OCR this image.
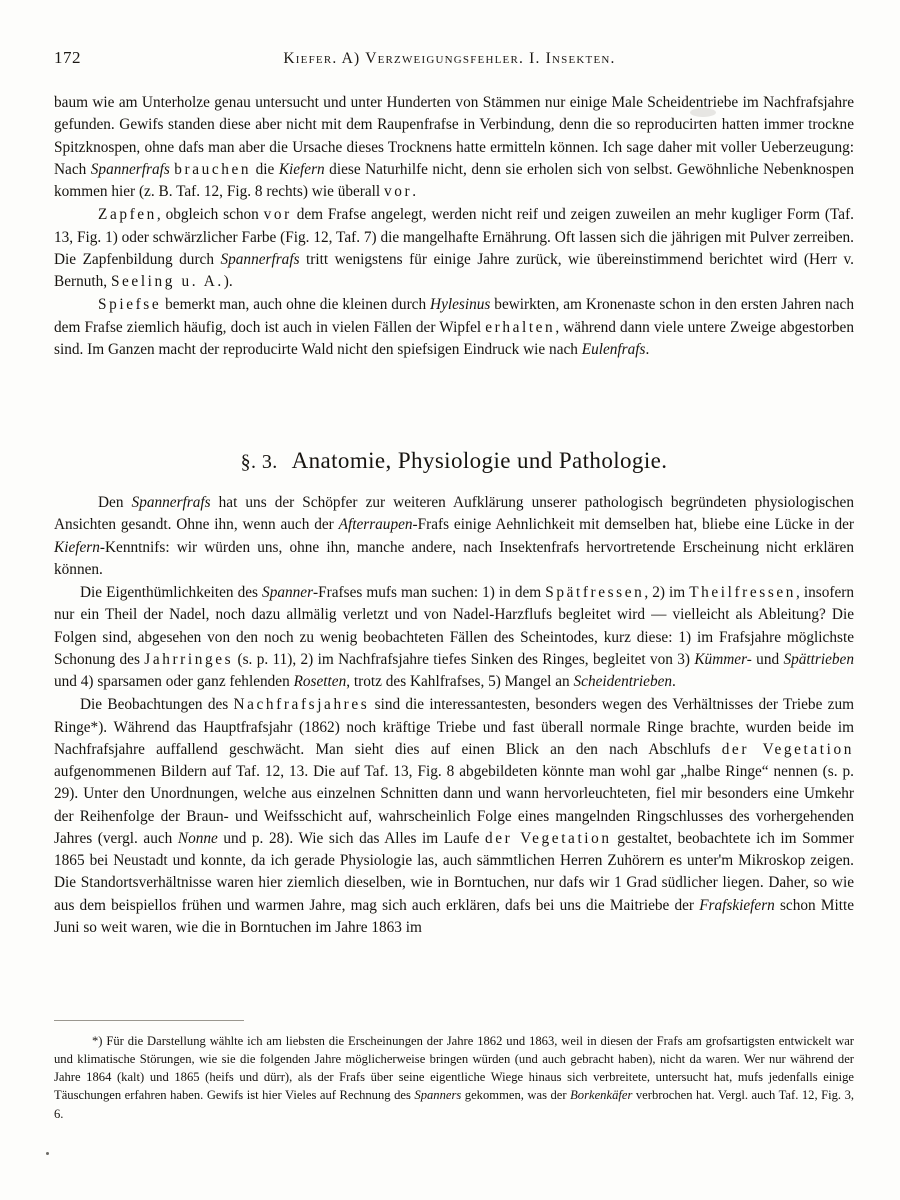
172	Kiefer. A) Verzweigungsfehler. I. Insekten.

baum wie am Unterholze genau untersucht und unter Hunderten von Stämmen nur einige Male Scheidentriebe im Nachfrafsjahre gefunden. Gewifs standen diese aber nicht mit dem Raupenfrafse in Verbindung, denn die so reproducirten hatten immer trockne Spitzknospen, ohne dafs man aber die Ursache dieses Trocknens hatte ermitteln können. Ich sage daher mit voller Ueberzeugung: Nach Spannerfrafs brauchen die Kiefern diese Naturhilfe nicht, denn sie erholen sich von selbst. Gewöhnliche Nebenknospen kommen hier (z. B. Taf. 12, Fig. 8 rechts) wie überall vor.

Zapfen, obgleich schon vor dem Frafse angelegt, werden nicht reif und zeigen zuweilen an mehr kugliger Form (Taf. 13, Fig. 1) oder schwärzlicher Farbe (Fig. 12, Taf. 7) die mangelhafte Ernährung. Oft lassen sich die jährigen mit Pulver zerreiben. Die Zapfenbildung durch Spannerfrafs tritt wenigstens für einige Jahre zurück, wie übereinstimmend berichtet wird (Herr v. Bernuth, Seeling u. A.).

Spiefse bemerkt man, auch ohne die kleinen durch Hylesinus bewirkten, am Kronenaste schon in den ersten Jahren nach dem Frafse ziemlich häufig, doch ist auch in vielen Fällen der Wipfel erhalten, während dann viele untere Zweige abgestorben sind. Im Ganzen macht der reproducirte Wald nicht den spiefsigen Eindruck wie nach Eulenfrafs.

§. 3. Anatomie, Physiologie und Pathologie.

Den Spannerfrafs hat uns der Schöpfer zur weiteren Aufklärung unserer pathologisch begründeten physiologischen Ansichten gesandt. Ohne ihn, wenn auch der Afterraupen-Frafs einige Aehnlichkeit mit demselben hat, bliebe eine Lücke in der Kiefern-Kenntnifs: wir würden uns, ohne ihn, manche andere, nach Insektenfrafs hervortretende Erscheinung nicht erklären können.

Die Eigenthümlichkeiten des Spanner-Frafses mufs man suchen: 1) in dem Spätfressen, 2) im Theilfressen, insofern nur ein Theil der Nadel, noch dazu allmälig verletzt und von Nadel-Harzflufs begleitet wird — vielleicht als Ableitung? Die Folgen sind, abgesehen von den noch zu wenig beobachteten Fällen des Scheintodes, kurz diese: 1) im Frafsjahre möglichste Schonung des Jahrringes (s. p. 11), 2) im Nachfrafsjahre tiefes Sinken des Ringes, begleitet von 3) Kümmer- und Spättrieben und 4) sparsamen oder ganz fehlenden Rosetten, trotz des Kahlfrafses, 5) Mangel an Scheidentrieben.

Die Beobachtungen des Nachfrafsjahres sind die interessantesten, besonders wegen des Verhältnisses der Triebe zum Ringe*). Während das Hauptfrafsjahr (1862) noch kräftige Triebe und fast überall normale Ringe brachte, wurden beide im Nachfrafsjahre auffallend geschwächt. Man sieht dies auf einen Blick an den nach Abschlufs der Vegetation aufgenommenen Bildern auf Taf. 12, 13. Die auf Taf. 13, Fig. 8 abgebildeten könnte man wohl gar „halbe Ringe“ nennen (s. p. 29). Unter den Unordnungen, welche aus einzelnen Schnitten dann und wann hervorleuchteten, fiel mir besonders eine Umkehr der Reihenfolge der Braun- und Weifsschicht auf, wahrscheinlich Folge eines mangelnden Ringschlusses des vorhergehenden Jahres (vergl. auch Nonne und p. 28). Wie sich das Alles im Laufe der Vegetation gestaltet, beobachtete ich im Sommer 1865 bei Neustadt und konnte, da ich gerade Physiologie las, auch sämmtlichen Herren Zuhörern es unter'm Mikroskop zeigen. Die Standortsverhältnisse waren hier ziemlich dieselben, wie in Borntuchen, nur dafs wir 1 Grad südlicher liegen. Daher, so wie aus dem beispiellos frühen und warmen Jahre, mag sich auch erklären, dafs bei uns die Maitriebe der Frafskiefern schon Mitte Juni so weit waren, wie die in Borntuchen im Jahre 1863 im

*) Für die Darstellung wählte ich am liebsten die Erscheinungen der Jahre 1862 und 1863, weil in diesen der Frafs am grofsartigsten entwickelt war und klimatische Störungen, wie sie die folgenden Jahre möglicherweise bringen würden (und auch gebracht haben), nicht da waren. Wer nur während der Jahre 1864 (kalt) und 1865 (heifs und dürr), als der Frafs über seine eigentliche Wiege hinaus sich verbreitete, untersucht hat, mufs jedenfalls einige Täuschungen erfahren haben. Gewifs ist hier Vieles auf Rechnung des Spanners gekommen, was der Borkenkäfer verbrochen hat. Vergl. auch Taf. 12, Fig. 3, 6.
